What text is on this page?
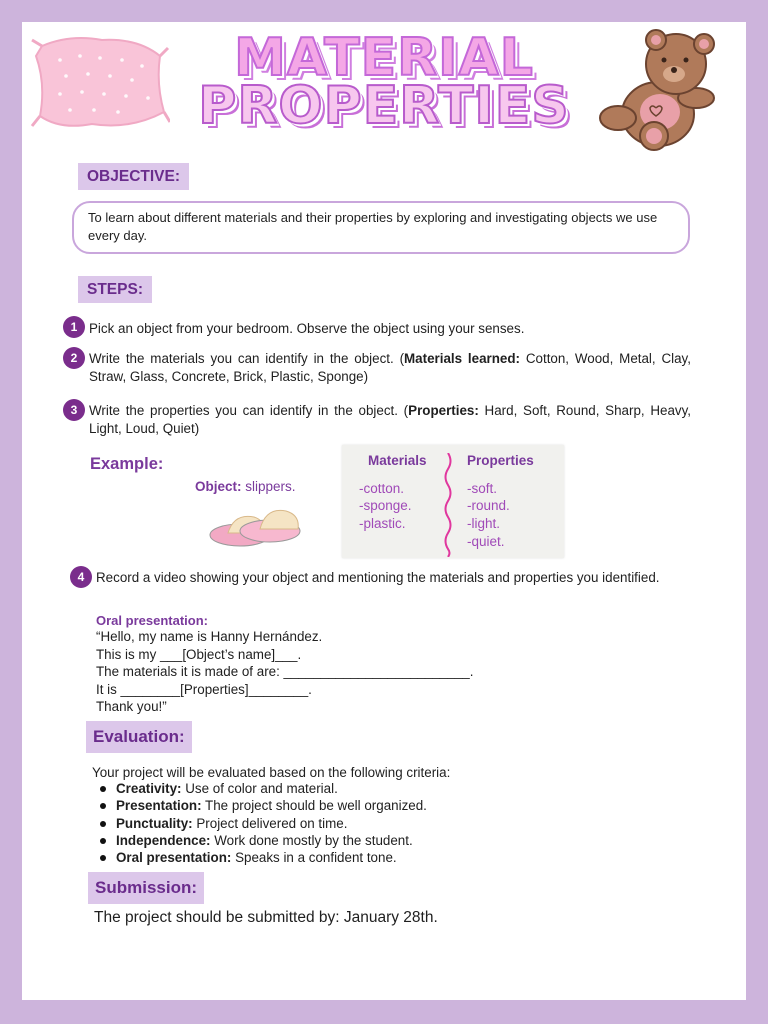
MATERIAL
PROPERTIES
OBJECTIVE:
To learn about different materials and their properties by exploring and investigating objects we use every day.
STEPS:
1 Pick an object from your bedroom. Observe the object using your senses.
2 Write the materials you can identify in the object. (Materials learned: Cotton, Wood, Metal, Clay, Straw, Glass, Concrete, Brick, Plastic, Sponge)
3 Write the properties you can identify in the object. (Properties: Hard, Soft, Round, Sharp, Heavy, Light, Loud, Quiet)
Example:
Object: slippers.
Materials	Properties
-cotton.
-sponge.
-plastic.
-soft.
-round.
-light.
-quiet.
4 Record a video showing your object and mentioning the materials and properties you identified.
Oral presentation:
“Hello, my name is Hanny Hernández.
This is my ___[Object’s name]___.
The materials it is made of are: _________________________.
It is ________[Properties]________.
Thank you!”
Evaluation:
Your project will be evaluated based on the following criteria:
Creativity: Use of color and material.
Presentation: The project should be well organized.
Punctuality: Project delivered on time.
Independence: Work done mostly by the student.
Oral presentation: Speaks in a confident tone.
Submission:
The project should be submitted by: January 28th.
